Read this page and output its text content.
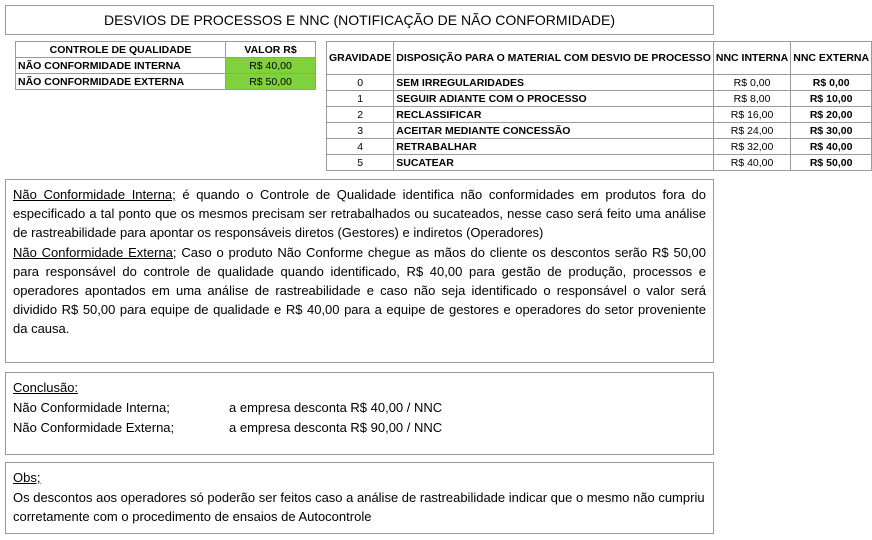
DESVIOS DE PROCESSOS E NNC (NOTIFICAÇÃO DE NÃO CONFORMIDADE)
CONTROLE DE QUALIDADE	VALOR R$
NÃO CONFORMIDADE INTERNA	R$ 40,00
NÃO CONFORMIDADE EXTERNA	R$ 50,00
GRAVIDADE	DISPOSIÇÃO PARA O MATERIAL COM DESVIO DE PROCESSO	NNC INTERNA	NNC EXTERNA
0	SEM IRREGULARIDADES	R$ 0,00	R$ 0,00
1	SEGUIR ADIANTE COM O PROCESSO	R$ 8,00	R$ 10,00
2	RECLASSIFICAR	R$ 16,00	R$ 20,00
3	ACEITAR MEDIANTE CONCESSÃO	R$ 24,00	R$ 30,00
4	RETRABALHAR	R$ 32,00	R$ 40,00
5	SUCATEAR	R$ 40,00	R$ 50,00

Não Conformidade Interna; é quando o Controle de Qualidade identifica não conformidades em produtos fora do especificado a tal ponto que os mesmos precisam ser retrabalhados ou sucateados, nesse caso será feito uma análise de rastreabilidade para apontar os responsáveis diretos (Gestores) e indiretos (Operadores)

Não Conformidade Externa; Caso o produto Não Conforme chegue as mãos do cliente os descontos serão R$ 50,00 para responsável do controle de qualidade quando identificado, R$ 40,00 para gestão de produção, processos e operadores apontados em uma análise de rastreabilidade e caso não seja identificado o responsável o valor será dividido R$ 50,00 para equipe de qualidade e R$ 40,00 para a equipe de gestores e operadores do setor proveniente da causa.

Conclusão:
Não Conformidade Interna;	a empresa desconta R$ 40,00 / NNC
Não Conformidade Externa;	a empresa desconta R$ 90,00 / NNC
Obs;
Os descontos aos operadores só poderão ser feitos caso a análise de rastreabilidade indicar que o mesmo não cumpriu corretamente com o procedimento de ensaios de Autocontrole
